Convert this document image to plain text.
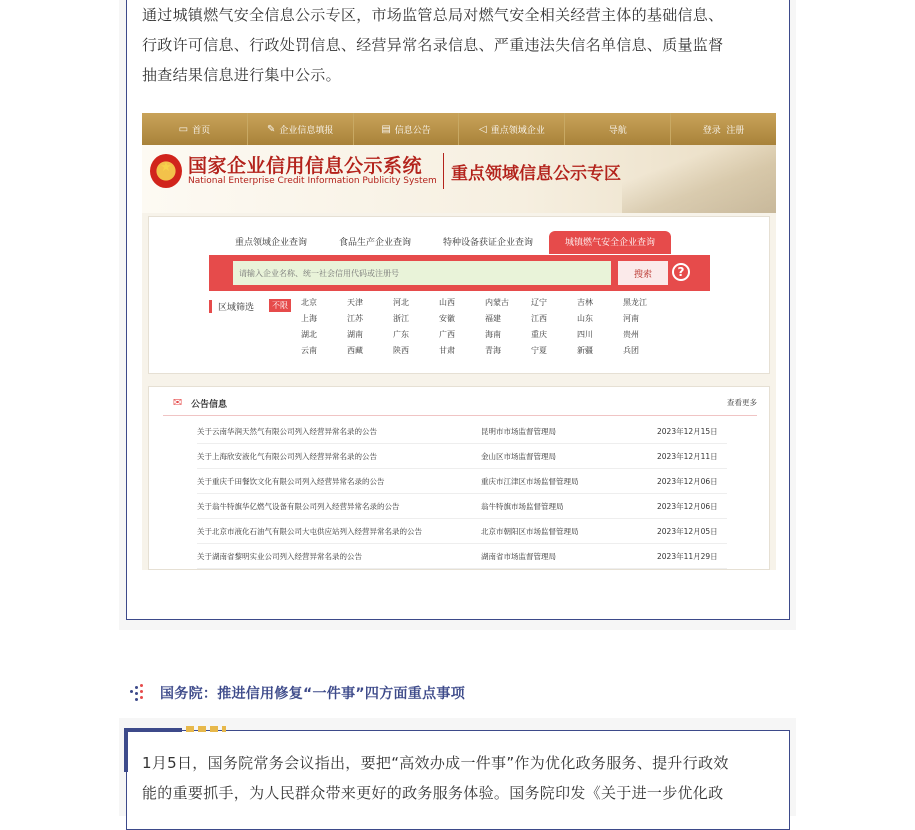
通过城镇燃气安全信息公示专区，市场监管总局对燃气安全相关经营主体的基础信息、
行政许可信息、行政处罚信息、经营异常名录信息、严重违法失信名单信息、质量监督
抽查结果信息进行集中公示。
▭ 首页	✎ 企业信息填报	▤ 信息公告	◁ 重点领域企业	导航	登录  注册
★ 国家企业信用信息公示系统
National Enterprise Credit Information Publicity System 重点领域信息公示专区
重点领域企业查询	食品生产企业查询	特种设备获证企业查询	城镇燃气安全企业查询
请输入企业名称、统一社会信用代码或注册号
搜索	?
区域筛选	不限	北京	天津	河北	山西	内蒙古	辽宁	吉林	黑龙江
上海	江苏	浙江	安徽	福建	江西	山东	河南
湖北	湖南	广东	广西	海南	重庆	四川	贵州
云南	西藏	陕西	甘肃	青海	宁夏	新疆	兵团
✉ 公告信息	查看更多
关于云南华润天然气有限公司列入经营异常名录的公告	昆明市市场监督管理局	2023年12月15日
关于上海欣安液化气有限公司列入经营异常名录的公告	金山区市场监督管理局	2023年12月11日
关于重庆千田餐饮文化有限公司列入经营异常名录的公告	重庆市江津区市场监督管理局	2023年12月06日
关于翁牛特旗华亿燃气设备有限公司列入经营异常名录的公告	翁牛特旗市场监督管理局	2023年12月06日
关于北京市液化石油气有限公司大屯供应站列入经营异常名录的公告	北京市朝阳区市场监督管理局	2023年12月05日
关于湖南省黎明实业公司列入经营异常名录的公告	湖南省市场监督管理局	2023年11月29日
国务院：推进信用修复“一件事”四方面重点事项
1月5日，国务院常务会议指出，要把“高效办成一件事”作为优化政务服务、提升行政效
能的重要抓手，为人民群众带来更好的政务服务体验。国务院印发《关于进一步优化政
